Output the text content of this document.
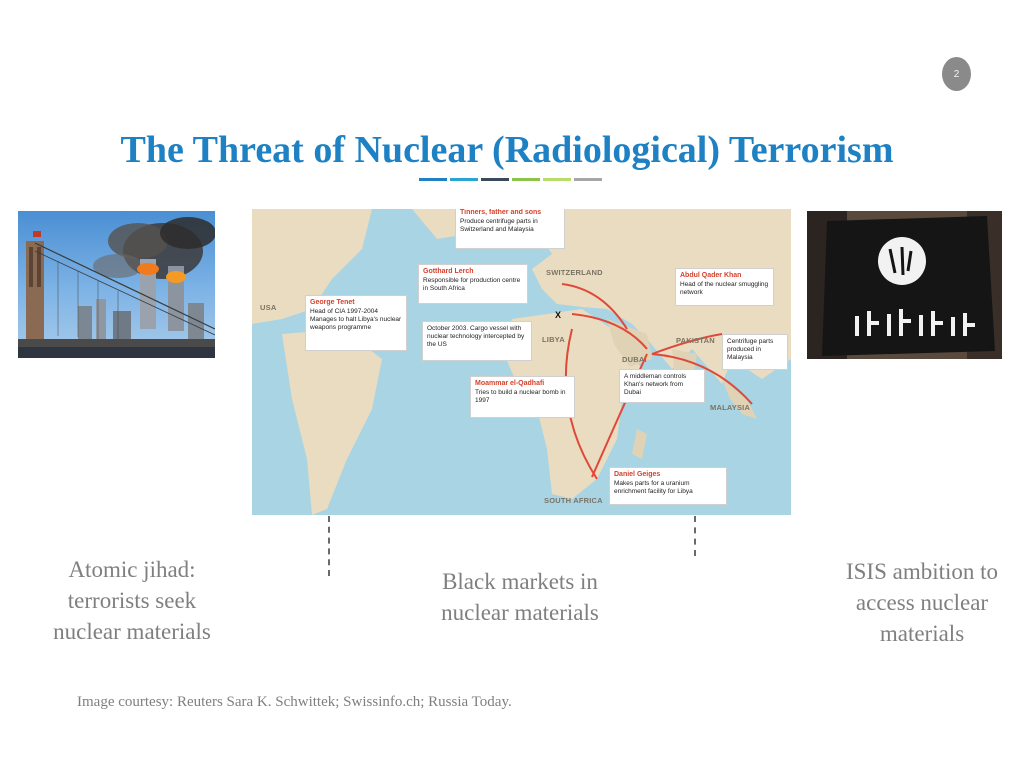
2
The Threat of Nuclear (Radiological) Terrorism
USA
SWITZERLAND
LIBYA	PAKISTAN
DUBAI
MALAYSIA
SOUTH AFRICA
X
Tinners, father and sons
Produce centrifuge parts in Switzerland and Malaysia
Gotthard Lerch
Responsible for production centre in South Africa
George Tenet
Head of CIA 1997-2004 Manages to halt Libya's nuclear weapons programme	October 2003. Cargo vessel with nuclear technology intercepted by the US
Abdul Qader Khan
Head of the nuclear smuggling network
Centrifuge parts produced in Malaysia
A middleman controls Khan's network from Dubai
Moammar el-Qadhafi
Tries to build a nuclear bomb in 1997
Daniel Geiges
Makes parts for a uranium enrichment facility for Libya
Atomic jihad: terrorists seek nuclear materials
Black markets in nuclear materials
ISIS ambition to access nuclear materials
Image courtesy: Reuters Sara K. Schwittek; Swissinfo.ch; Russia Today.
